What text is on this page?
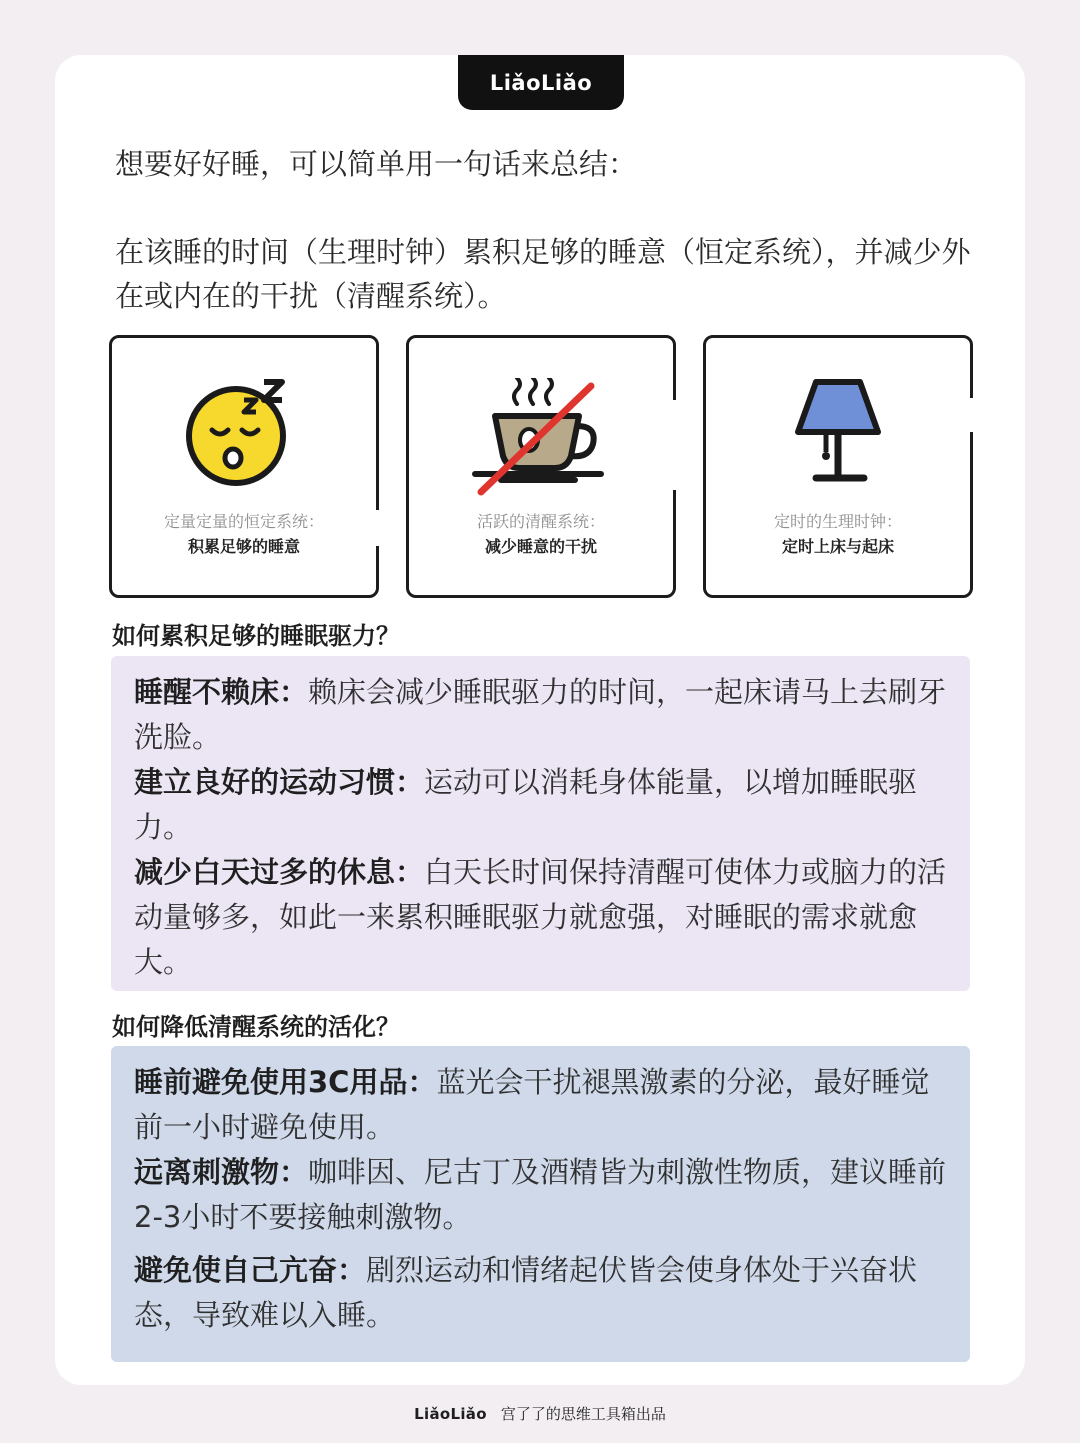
LiǎoLiǎo
想要好好睡，可以简单用一句话来总结：
在该睡的时间（生理时钟）累积足够的睡意（恒定系统），并减少外在或内在的干扰（清醒系统）。
定量定量的恒定系统：
积累足够的睡意
活跃的清醒系统：
减少睡意的干扰
定时的生理时钟：
定时上床与起床
如何累积足够的睡眠驱力？
睡醒不赖床：赖床会减少睡眠驱力的时间，一起床请马上去刷牙洗脸。
建立良好的运动习惯：运动可以消耗身体能量，以增加睡眠驱力。
减少白天过多的休息：白天长时间保持清醒可使体力或脑力的活动量够多，如此一来累积睡眠驱力就愈强，对睡眠的需求就愈大。
如何降低清醒系统的活化？
睡前避免使用3C用品：蓝光会干扰褪黑激素的分泌，最好睡觉前一小时避免使用。
远离刺激物：咖啡因、尼古丁及酒精皆为刺激性物质，建议睡前2-3小时不要接触刺激物。
避免使自己亢奋：剧烈运动和情绪起伏皆会使身体处于兴奋状态，导致难以入睡。
LiǎoLiǎo 宫了了的思维工具箱出品
